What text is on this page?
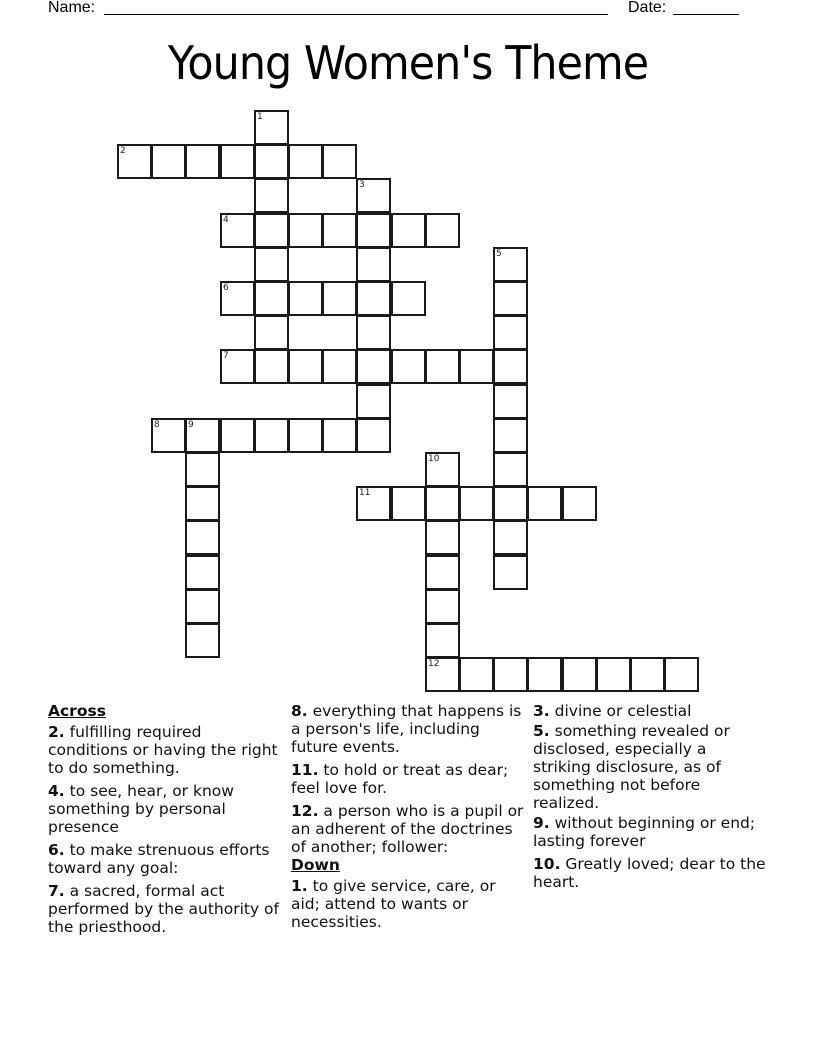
Name:	Date:
Young Women's Theme
1
2
3
4
5
6
7
8	9
10
12
11
Across
2. fulfilling required conditions or having the right to do something.
4. to see, hear, or know something by personal presence
6. to make strenuous efforts toward any goal:
7. a sacred, formal act performed by the authority of the priesthood.
8. everything that happens is a person's life, including future events.
11. to hold or treat as dear; feel love for.
12. a person who is a pupil or an adherent of the doctrines of another; follower:
Down
1. to give service, care, or aid; attend to wants or necessities.
3. divine or celestial
5. something revealed or disclosed, especially a striking disclosure, as of something not before realized.
9. without beginning or end; lasting forever
10. Greatly loved; dear to the heart.
